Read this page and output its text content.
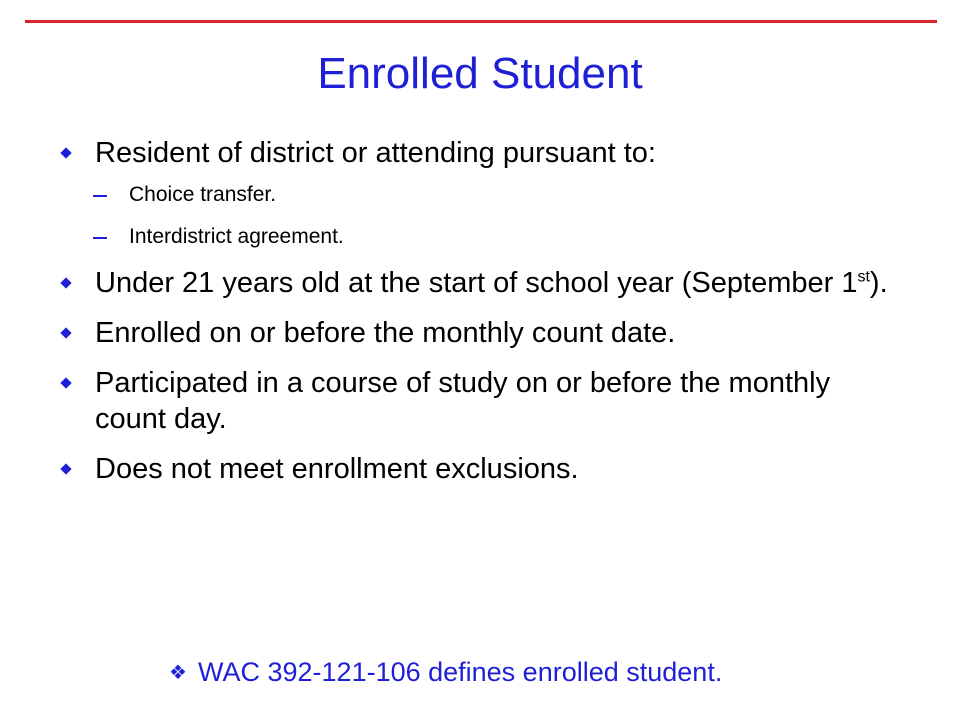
Enrolled Student
Resident of district or attending pursuant to:
Choice transfer.
Interdistrict agreement.
Under 21 years old at the start of school year (September 1st).
Enrolled on or before the monthly count date.
Participated in a course of study on or before the monthly count day.
Does not meet enrollment exclusions.
❖ WAC 392-121-106 defines enrolled student.
